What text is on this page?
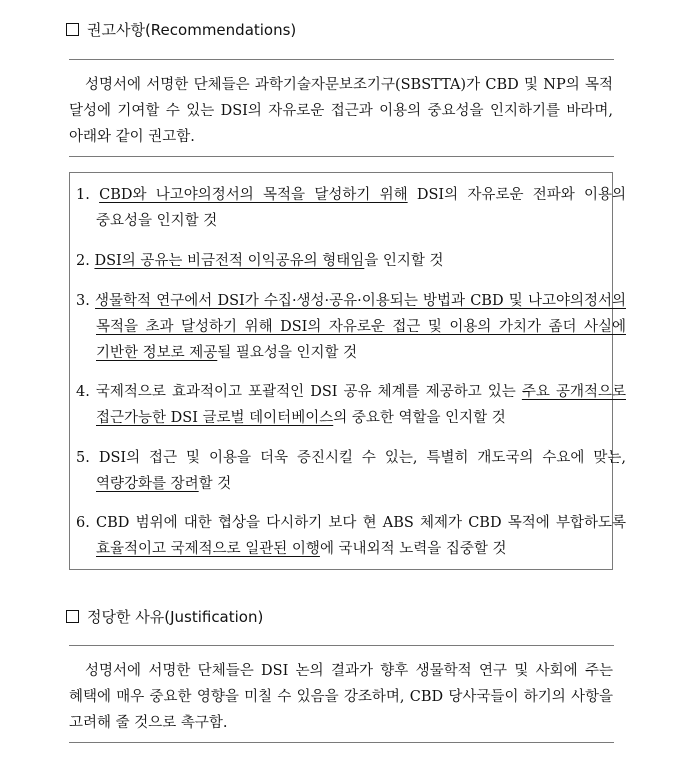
권고사항(Recommendations)
성명서에 서명한 단체들은 과학기술자문보조기구(SBSTTA)가 CBD 및 NP의 목적 달성에 기여할 수 있는 DSI의 자유로운 접근과 이용의 중요성을 인지하기를 바라며, 아래와 같이 권고함.
1. CBD와 나고야의정서의 목적을 달성하기 위해 DSI의 자유로운 전파와 이용의 중요성을 인지할 것
2. DSI의 공유는 비금전적 이익공유의 형태임을 인지할 것
3. 생물학적 연구에서 DSI가 수집·생성·공유·이용되는 방법과 CBD 및 나고야의정서의 목적을 초과 달성하기 위해 DSI의 자유로운 접근 및 이용의 가치가 좀더 사실에 기반한 정보로 제공될 필요성을 인지할 것
4. 국제적으로 효과적이고 포괄적인 DSI 공유 체계를 제공하고 있는 주요 공개적으로 접근가능한 DSI 글로벌 데이터베이스의 중요한 역할을 인지할 것
5. DSI의 접근 및 이용을 더욱 증진시킬 수 있는, 특별히 개도국의 수요에 맞는, 역량강화를 장려할 것
6. CBD 범위에 대한 협상을 다시하기 보다 현 ABS 체제가 CBD 목적에 부합하도록 효율적이고 국제적으로 일관된 이행에 국내외적 노력을 집중할 것
정당한 사유(Justification)
성명서에 서명한 단체들은 DSI 논의 결과가 향후 생물학적 연구 및 사회에 주는 혜택에 매우 중요한 영향을 미칠 수 있음을 강조하며, CBD 당사국들이 하기의 사항을 고려해 줄 것으로 촉구함.
